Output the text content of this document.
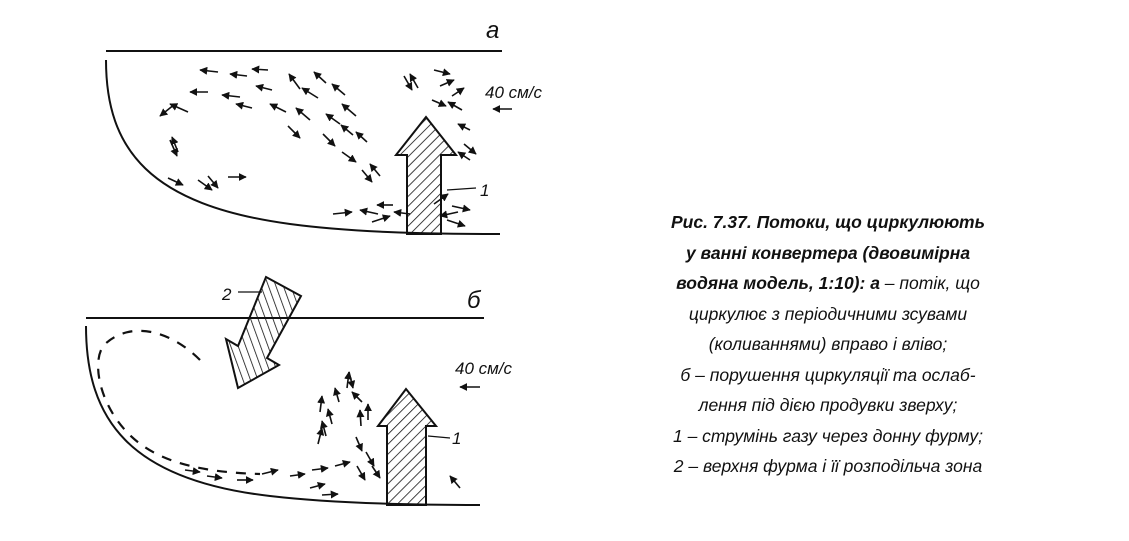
а
40 см/с
1
б
40 см/с
2
1
Рис. 7.37. Потоки, що циркулюють
у ванні конвертера (двовимірна
водяна модель, 1:10): а – потік, що
циркулює з періодичними зсувами
(коливаннями) вправо і вліво;
б – порушення циркуляції та ослаб-
лення під дією продувки зверху;
1 – струмінь газу через донну фурму;
2 – верхня фурма і її розподільча зона
